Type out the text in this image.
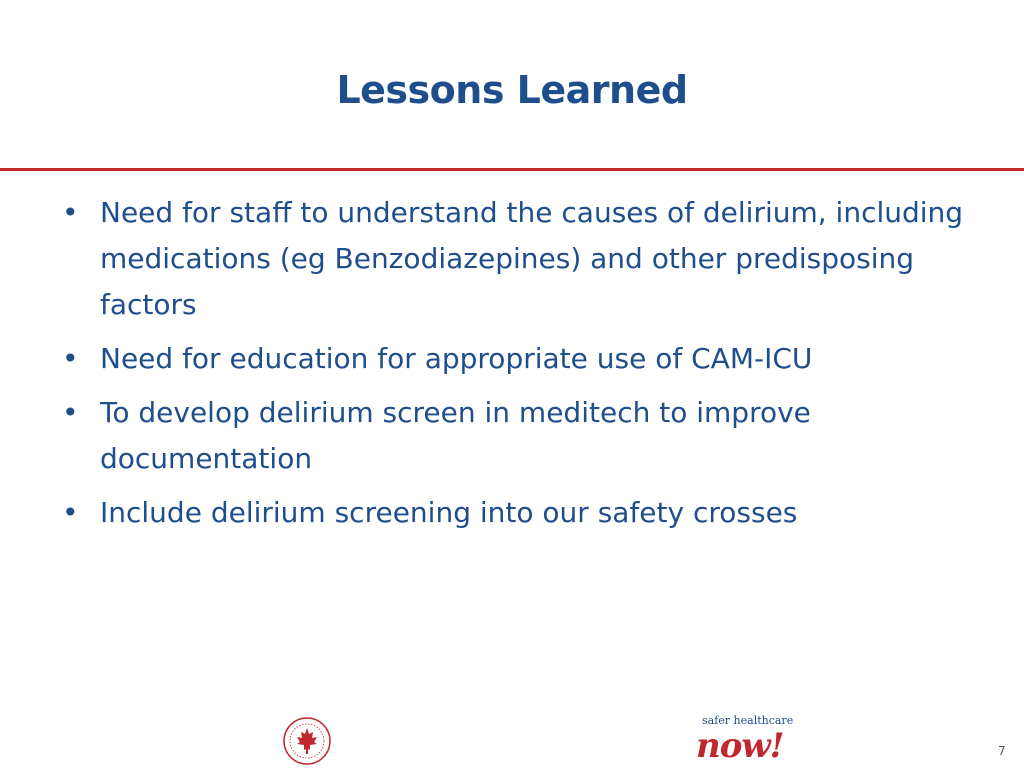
Lessons Learned
• Need for staff to understand the causes of delirium, including medications (eg Benzodiazepines) and other predisposing factors
• Need for education for appropriate use of CAM-ICU
• To develop delirium screen in meditech to improve documentation
• Include delirium screening into our safety crosses
safer healthcare
now!	7
